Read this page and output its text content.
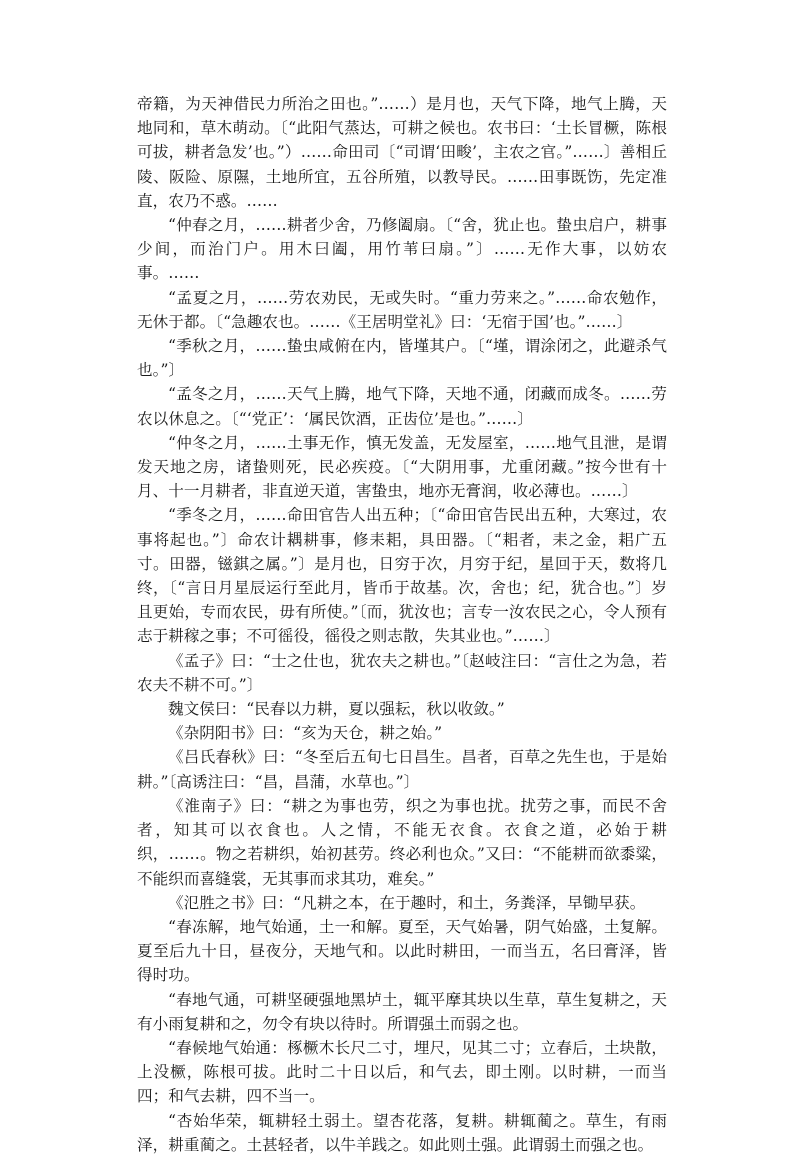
帝籍，为天神借民力所治之田也。”……）是月也，天气下降，地气上腾，天地同和，草木萌动。〔“此阳气蒸达，可耕之候也。农书曰：‘土长冒橛，陈根可拔，耕者急发’也。”）……命田司〔“司谓‘田畯’，主农之官。”……〕善相丘陵、阪险、原隰，土地所宜，五谷所殖，以教导民。……田事既饬，先定准直，农乃不惑。……

“仲春之月，……耕者少舍，乃修阖扇。〔“舍，犹止也。蛰虫启户，耕事少间，而治门户。用木曰阖，用竹苇曰扇。”〕……无作大事，以妨农事。……

“孟夏之月，……劳农劝民，无或失时。“重力劳来之。”……命农勉作，无休于都。〔“急趣农也。……《王居明堂礼》曰：‘无宿于国’也。”……〕

“季秋之月，……蛰虫咸俯在内，皆墐其户。〔“墐，谓涂闭之，此避杀气也。”〕

“孟冬之月，……天气上腾，地气下降，天地不通，闭藏而成冬。……劳农以休息之。〔“‘党正’：‘属民饮酒，正齿位’是也。”……〕

“仲冬之月，……土事无作，慎无发盖，无发屋室，……地气且泄，是谓发天地之房，诸蛰则死，民必疾疫。〔“大阴用事，尤重闭藏。”按今世有十月、十一月耕者，非直逆天道，害蛰虫，地亦无膏润，收必薄也。……〕

“季冬之月，……命田官告人出五种；〔“命田官告民出五种，大寒过，农事将起也。”〕命农计耦耕事，修耒耜，具田器。〔“耜者，耒之金，耜广五寸。田器，镃錤之属。”〕是月也，日穷于次，月穷于纪，星回于天，数将几终，〔“言日月星辰运行至此月，皆币于故基。次，舍也；纪，犹合也。”〕岁且更始，专而农民，毋有所使。”〔而，犹汝也；言专一汝农民之心，令人预有志于耕稼之事；不可徭役，徭役之则志散，失其业也。”……〕

《孟子》曰：“士之仕也，犹农夫之耕也。”〔赵岐注曰：“言仕之为急，若农夫不耕不可。”〕

魏文侯曰：“民春以力耕，夏以强耘，秋以收敛。”

《杂阴阳书》曰：“亥为天仓，耕之始。”

《吕氏春秋》曰：“冬至后五旬七日昌生。昌者，百草之先生也，于是始耕。”〔高诱注曰：“昌，昌蒲，水草也。”〕

《淮南子》曰：“耕之为事也劳，织之为事也扰。扰劳之事，而民不舍者，知其可以衣食也。人之情，不能无衣食。衣食之道，必始于耕织，……。物之若耕织，始初甚劳。终必利也众。”又曰：“不能耕而欲黍粱，不能织而喜缝裳，无其事而求其功，难矣。”

《氾胜之书》曰：“凡耕之本，在于趣时，和土，务粪泽，早锄早获。

“春冻解，地气始通，土一和解。夏至，天气始暑，阴气始盛，土复解。夏至后九十日，昼夜分，天地气和。以此时耕田，一而当五，名曰膏泽，皆得时功。

“春地气通，可耕坚硬强地黑垆土，辄平摩其块以生草，草生复耕之，天有小雨复耕和之，勿令有块以待时。所谓强土而弱之也。

“春候地气始通：椓橛木长尺二寸，埋尺，见其二寸；立春后，土块散，上没橛，陈根可拔。此时二十日以后，和气去，即土刚。以时耕，一而当四；和气去耕，四不当一。

“杏始华荣，辄耕轻土弱土。望杏花落，复耕。耕辄蔺之。草生，有雨泽，耕重蔺之。土甚轻者，以牛羊践之。如此则土强。此谓弱土而强之也。
